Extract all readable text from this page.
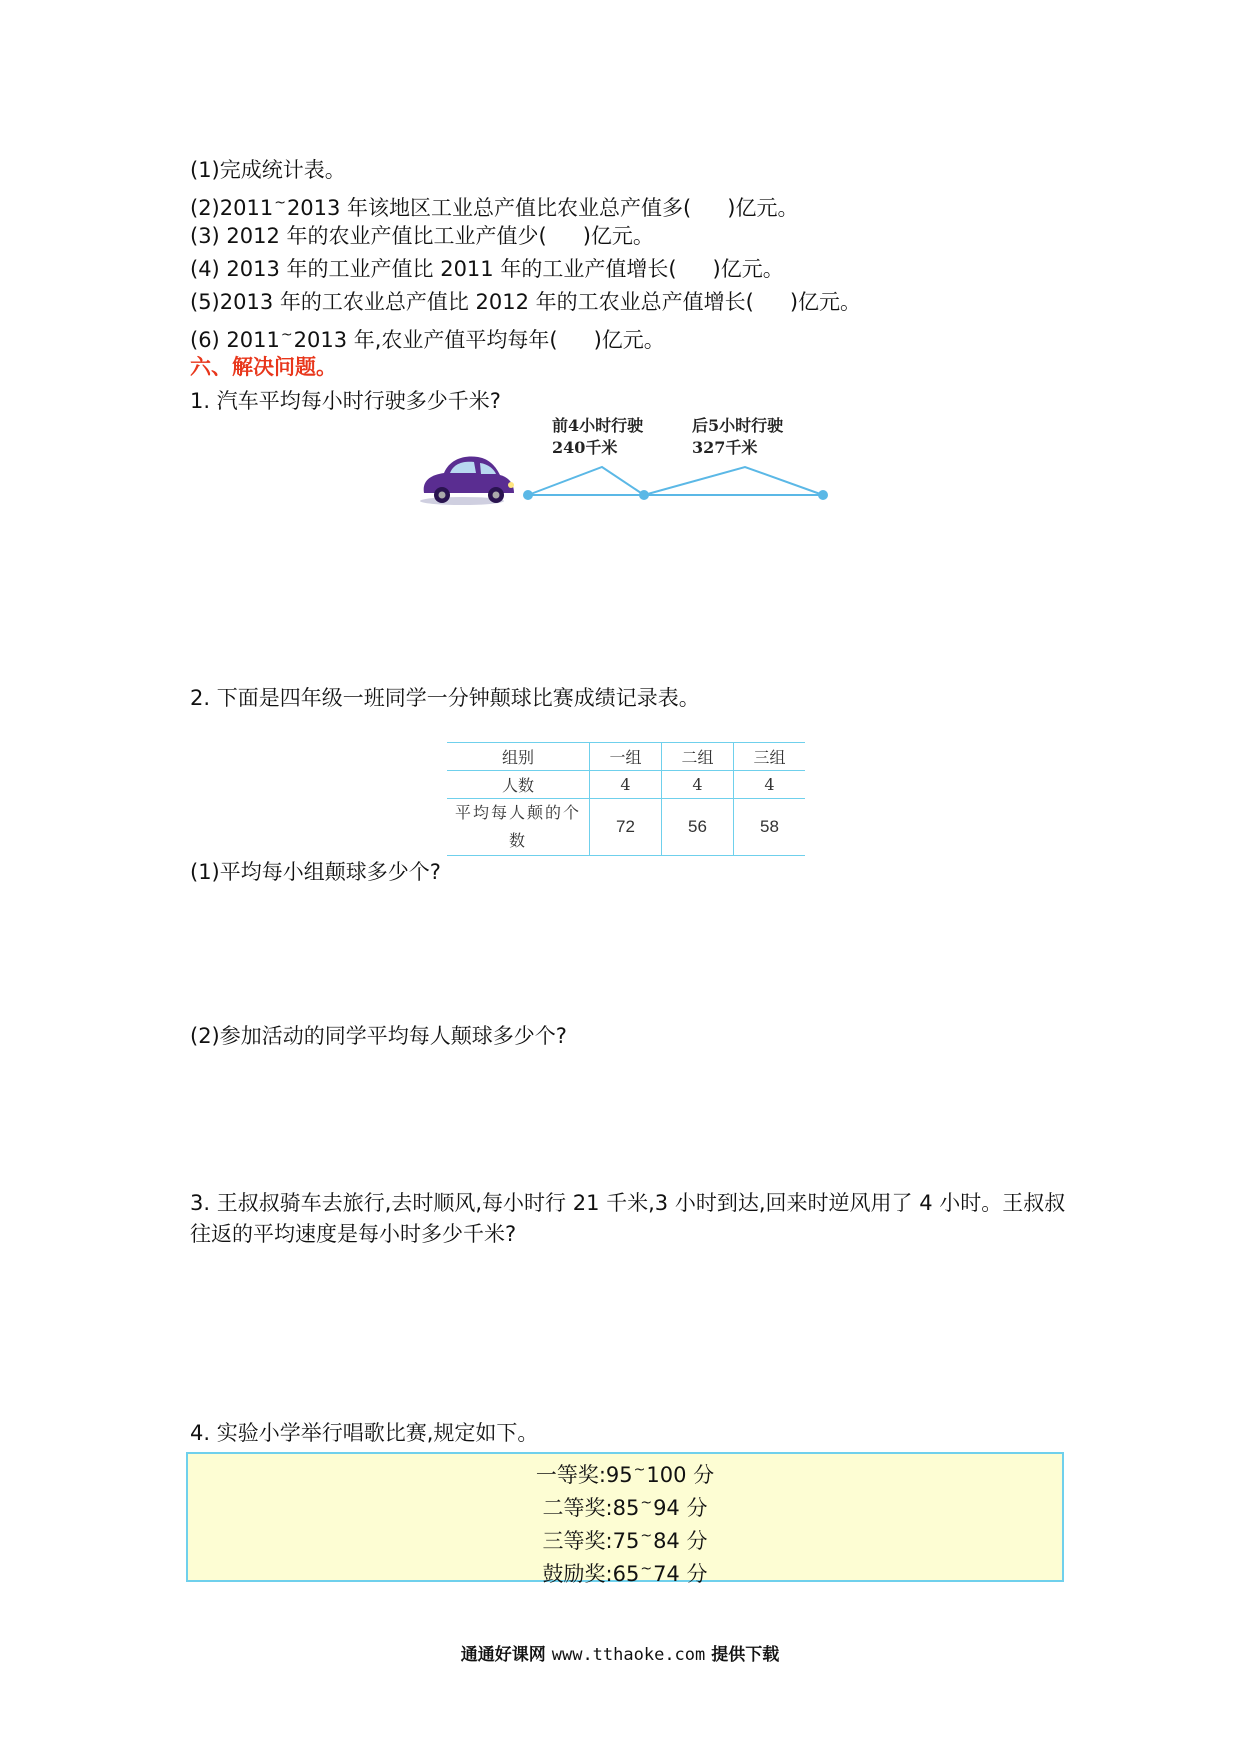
(1)完成统计表。
(2)2011~2013 年该地区工业总产值比农业总产值多( )亿元。
(3) 2012 年的农业产值比工业产值少( )亿元。
(4) 2013 年的工业产值比 2011 年的工业产值增长( )亿元。
(5)2013 年的工农业总产值比 2012 年的工农业总产值增长( )亿元。
(6) 2011~2013 年,农业产值平均每年( )亿元。
六、解决问题。
1. 汽车平均每小时行驶多少千米?
前4小时行驶
240千米
后5小时行驶
327千米
2. 下面是四年级一班同学一分钟颠球比赛成绩记录表。
组别	一组	二组	三组
人数	4	4	4
平均每人颠的个数	72	56	58
(1)平均每小组颠球多少个?
(2)参加活动的同学平均每人颠球多少个?
3. 王叔叔骑车去旅行,去时顺风,每小时行 21 千米,3 小时到达,回来时逆风用了 4 小时。王叔叔
往返的平均速度是每小时多少千米?
4. 实验小学举行唱歌比赛,规定如下。
一等奖:95~100 分
二等奖:85~94 分
三等奖:75~84 分
鼓励奖:65~74 分
通通好课网 www.tthaoke.com 提供下载
